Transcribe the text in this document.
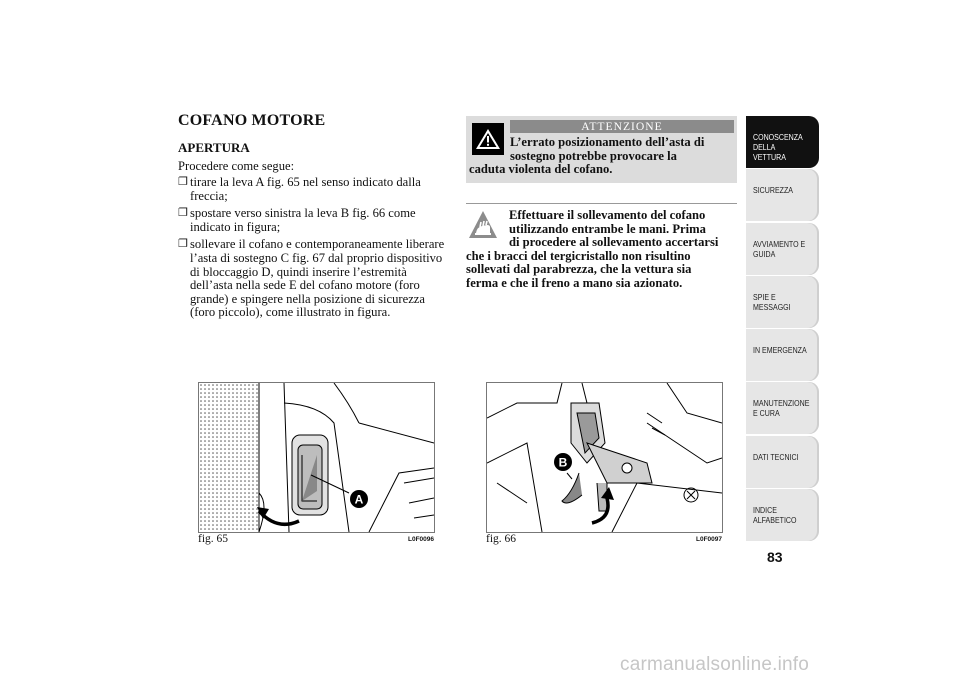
COFANO MOTORE
APERTURA
Procedere come segue:
❐ tirare la leva A fig. 65 nel senso indicato dalla freccia;
❐ spostare verso sinistra la leva B fig. 66 come indicato in figura;
❐ sollevare il cofano e contemporaneamente liberare l’asta di sostegno C fig. 67 dal proprio dispositivo di bloccaggio D, quindi inserire l’estremità dell’asta nella sede E del cofano motore (foro grande) e spingere nella posizione di sicurezza (foro piccolo), come illustrato in figura.
ATTENZIONE
L’errato posizionamento dell’asta di
sostegno potrebbe provocare la
caduta violenta del cofano.
Effettuare il sollevamento del cofano
utilizzando entrambe le mani. Prima
di procedere al sollevamento accertarsi
che i bracci del tergicristallo non risultino
sollevati dal parabrezza, che la vettura sia
ferma e che il freno a mano sia azionato.
A
fig. 65	L0F0096
B
fig. 66	L0F0097
CONOSCENZA DELLA VETTURA
SICUREZZA
AVVIAMENTO E GUIDA
SPIE E MESSAGGI
IN EMERGENZA
MANUTENZIONE E CURA
DATI TECNICI
INDICE ALFABETICO
83
carmanualsonline.info
